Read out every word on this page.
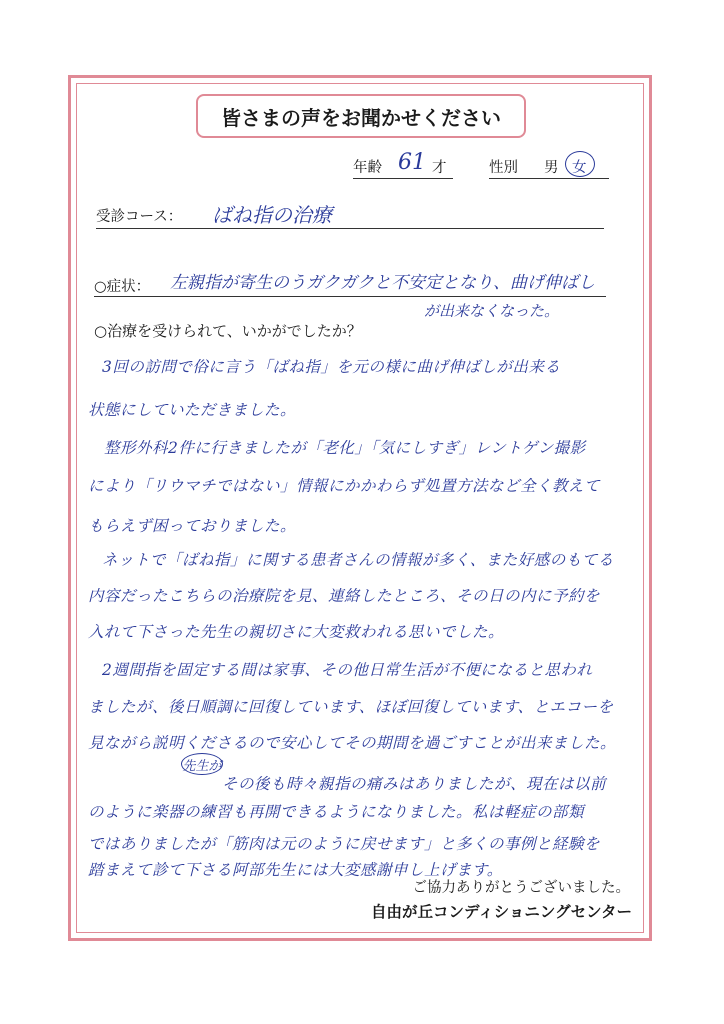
皆さまの声をお聞かせください
年齢 61 才	性別 男 女
受診コース： ばね指の治療
○症状： 左親指が寄生のうガクガクと不安定となり、曲げ伸ばし
が出来なくなった。
○治療を受けられて、いかがでしたか？
3回の訪問で俗に言う「ばね指」を元の様に曲げ伸ばしが出来る
状態にしていただきました。
整形外科2件に行きましたが「老化」「気にしすぎ」レントゲン撮影
により「リウマチではない」情報にかかわらず処置方法など全く教えて
もらえず困っておりました。
ネットで「ばね指」に関する患者さんの情報が多く、また好感のもてる
内容だったこちらの治療院を見、連絡したところ、その日の内に予約を
入れて下さった先生の親切さに大変救われる思いでした。
2週間指を固定する間は家事、その他日常生活が不便になると思われ
ましたが、後日順調に回復しています、ほぼ回復しています、とエコーを
見ながら説明くださるので安心してその期間を過ごすことが出来ました。
先生が
その後も時々親指の痛みはありましたが、現在は以前
のように楽器の練習も再開できるようになりました。私は軽症の部類
ではありましたが「筋肉は元のように戻せます」と多くの事例と経験を
踏まえて診て下さる阿部先生には大変感謝申し上げます。
ご協力ありがとうございました。
自由が丘コンディショニングセンター
